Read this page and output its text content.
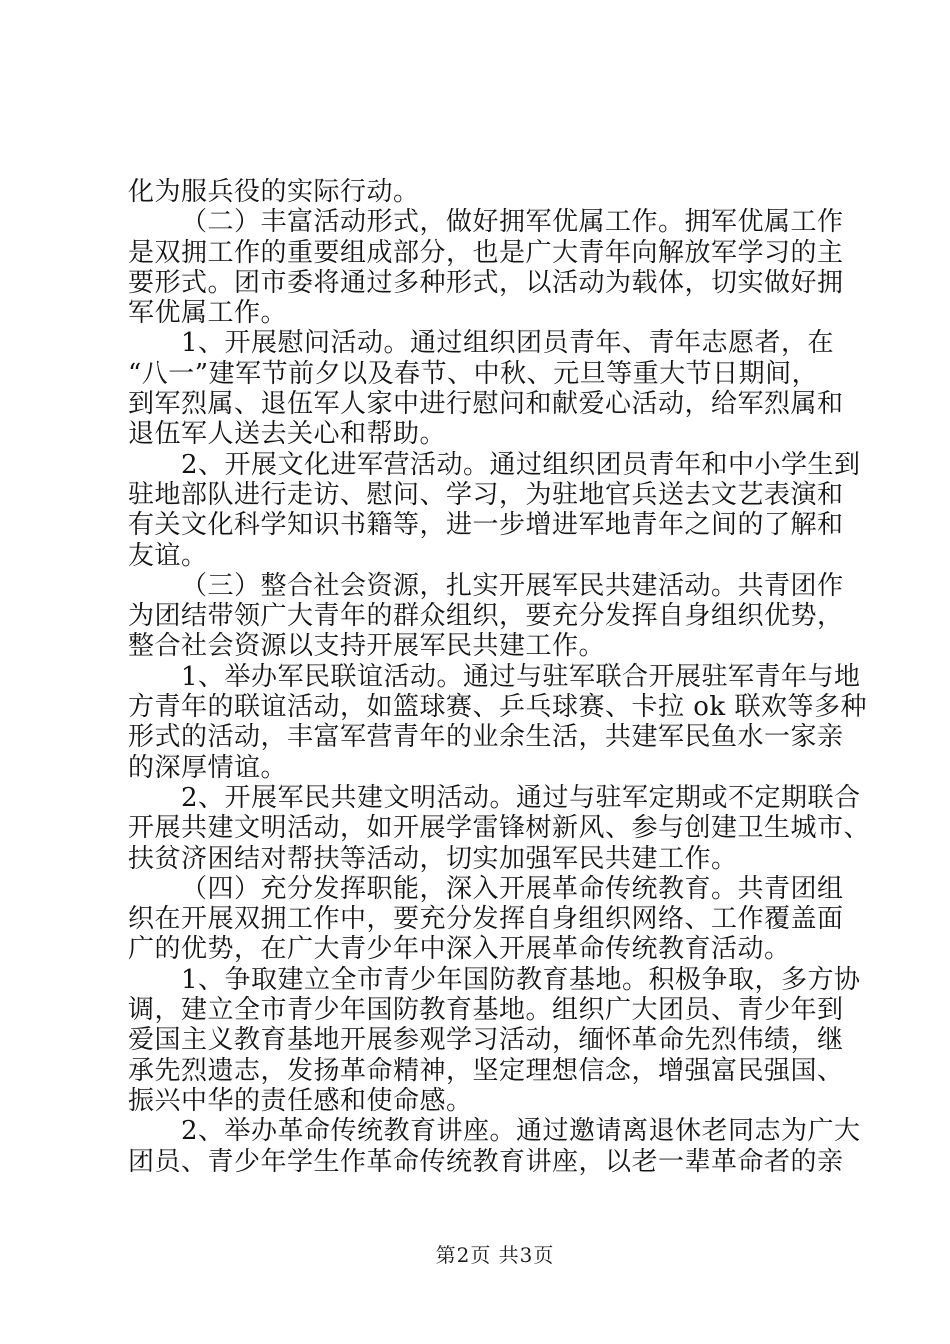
化为服兵役的实际行动。
（二）丰富活动形式，做好拥军优属工作。拥军优属工作
是双拥工作的重要组成部分，也是广大青年向解放军学习的主
要形式。团市委将通过多种形式，以活动为载体，切实做好拥
军优属工作。
1、开展慰问活动。通过组织团员青年、青年志愿者，在
“八一”建军节前夕以及春节、中秋、元旦等重大节日期间，
到军烈属、退伍军人家中进行慰问和献爱心活动，给军烈属和
退伍军人送去关心和帮助。
2、开展文化进军营活动。通过组织团员青年和中小学生到
驻地部队进行走访、慰问、学习，为驻地官兵送去文艺表演和
有关文化科学知识书籍等，进一步增进军地青年之间的了解和
友谊。
（三）整合社会资源，扎实开展军民共建活动。共青团作
为团结带领广大青年的群众组织，要充分发挥自身组织优势，
整合社会资源以支持开展军民共建工作。
1、举办军民联谊活动。通过与驻军联合开展驻军青年与地
方青年的联谊活动，如篮球赛、乒乓球赛、卡拉 ok 联欢等多种
形式的活动，丰富军营青年的业余生活，共建军民鱼水一家亲
的深厚情谊。
2、开展军民共建文明活动。通过与驻军定期或不定期联合
开展共建文明活动，如开展学雷锋树新风、参与创建卫生城市、
扶贫济困结对帮扶等活动，切实加强军民共建工作。
（四）充分发挥职能，深入开展革命传统教育。共青团组
织在开展双拥工作中，要充分发挥自身组织网络、工作覆盖面
广的优势，在广大青少年中深入开展革命传统教育活动。
1、争取建立全市青少年国防教育基地。积极争取，多方协
调，建立全市青少年国防教育基地。组织广大团员、青少年到
爱国主义教育基地开展参观学习活动，缅怀革命先烈伟绩，继
承先烈遗志，发扬革命精神，坚定理想信念，增强富民强国、
振兴中华的责任感和使命感。
2、举办革命传统教育讲座。通过邀请离退休老同志为广大
团员、青少年学生作革命传统教育讲座，以老一辈革命者的亲
第2页 共3页
